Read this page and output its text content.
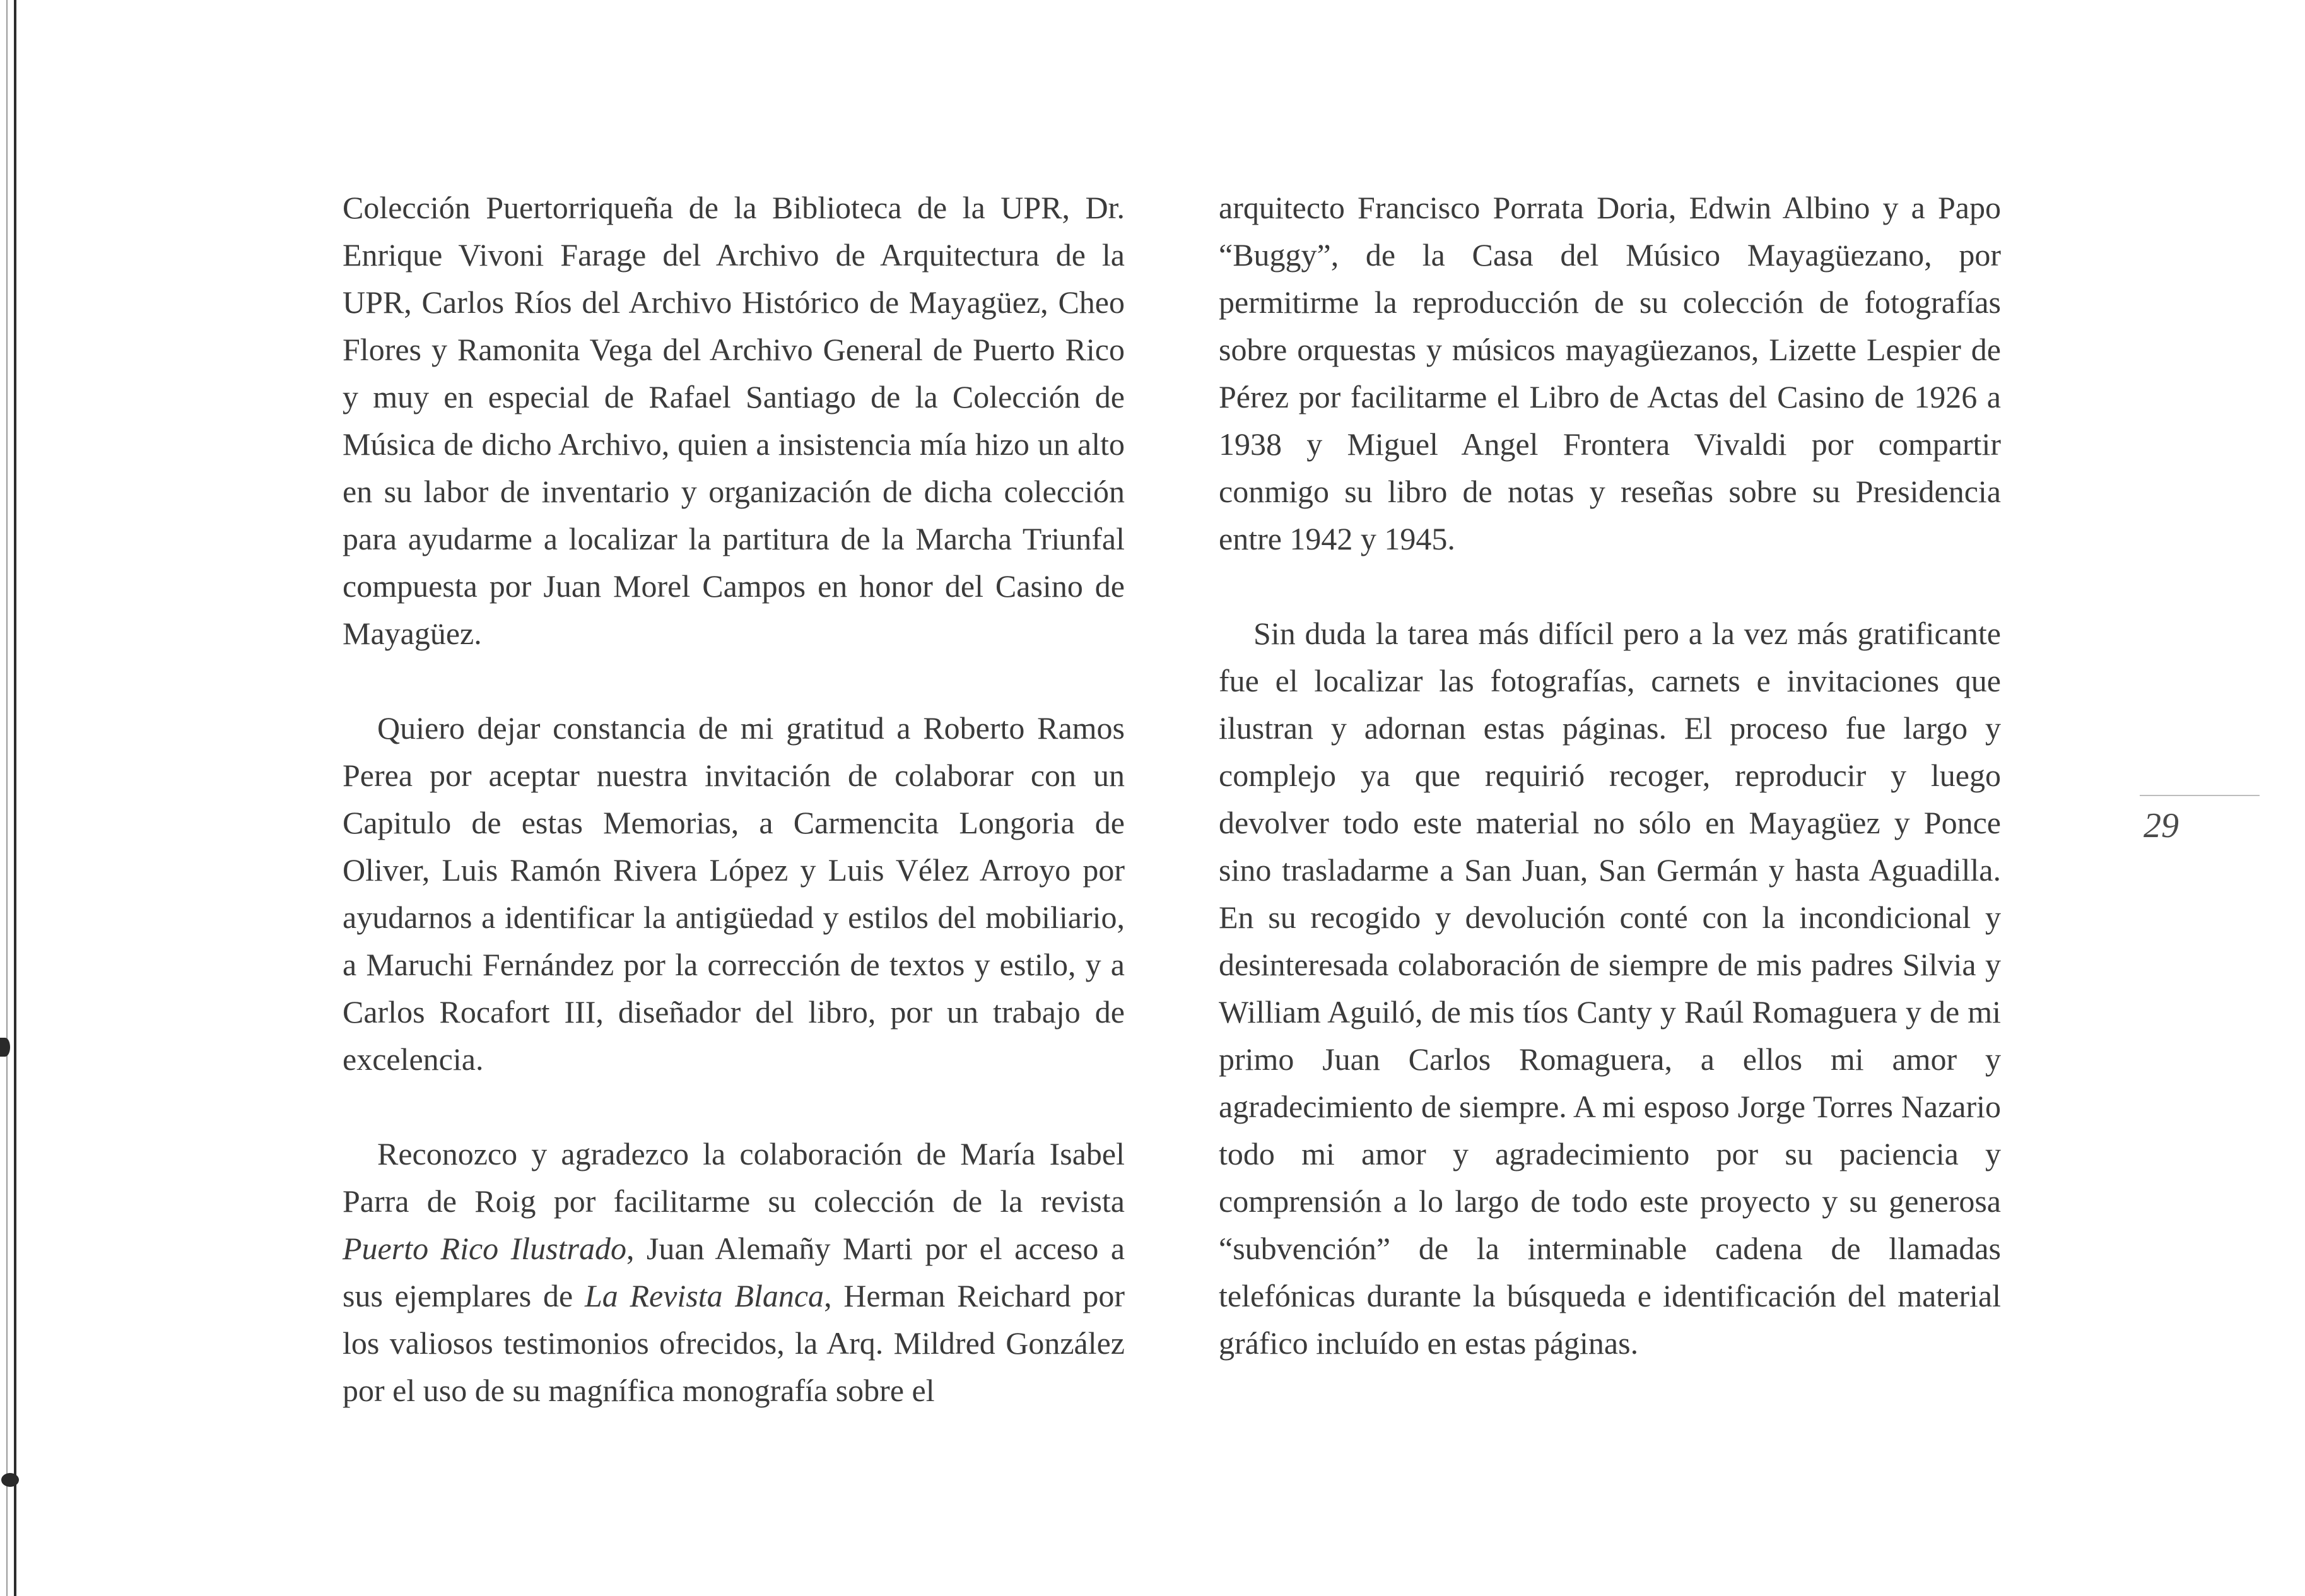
Colección Puertorriqueña de la Biblioteca de la UPR, Dr. Enrique Vivoni Farage del Archivo de Arquitectura de la UPR, Carlos Ríos del Archivo Histórico de Mayagüez, Cheo Flores y Ramonita Vega del Archivo General de Puerto Rico y muy en especial de Rafael Santiago de la Colección de Música de dicho Archivo, quien a insistencia mía hizo un alto en su labor de inventario y organización de dicha colección para ayudarme a localizar la partitura de la Marcha Triunfal compuesta por Juan Morel Campos en honor del Casino de Mayagüez.

Quiero dejar constancia de mi gratitud a Roberto Ramos Perea por aceptar nuestra invitación de colaborar con un Capitulo de estas Memorias, a Carmencita Longoria de Oliver, Luis Ramón Rivera López y Luis Vélez Arroyo por ayudarnos a identificar la antigüedad y estilos del mobiliario, a Maruchi Fernández por la corrección de textos y estilo, y a Carlos Rocafort III, diseñador del libro, por un trabajo de excelencia.

Reconozco y agradezco la colaboración de María Isabel Parra de Roig por facilitarme su colección de la revista Puerto Rico Ilustrado, Juan Alemañy Marti por el acceso a sus ejemplares de La Revista Blanca, Herman Reichard por los valiosos testimonios ofrecidos, la Arq. Mildred González por el uso de su magnífica monografía sobre el

arquitecto Francisco Porrata Doria, Edwin Albino y a Papo “Buggy”, de la Casa del Músico Mayagüezano, por permitirme la reproducción de su colección de fotografías sobre orquestas y músicos mayagüezanos, Lizette Lespier de Pérez por facilitarme el Libro de Actas del Casino de 1926 a 1938 y Miguel Angel Frontera Vivaldi por compartir conmigo su libro de notas y reseñas sobre su Presidencia entre 1942 y 1945.

Sin duda la tarea más difícil pero a la vez más gratificante fue el localizar las fotografías, carnets e invitaciones que ilustran y adornan estas páginas. El proceso fue largo y complejo ya que requirió recoger, reproducir y luego devolver todo este material no sólo en Mayagüez y Ponce sino trasladarme a San Juan, San Germán y hasta Aguadilla. En su recogido y devolución conté con la incondicional y desinteresada colaboración de siempre de mis padres Silvia y William Aguiló, de mis tíos Canty y Raúl Romaguera y de mi primo Juan Carlos Romaguera, a ellos mi amor y agradecimiento de siempre. A mi esposo Jorge Torres Nazario todo mi amor y agradecimiento por su paciencia y comprensión a lo largo de todo este proyecto y su generosa “subvención” de la interminable cadena de llamadas telefónicas durante la búsqueda e identificación del material gráfico incluído en estas páginas.

29
